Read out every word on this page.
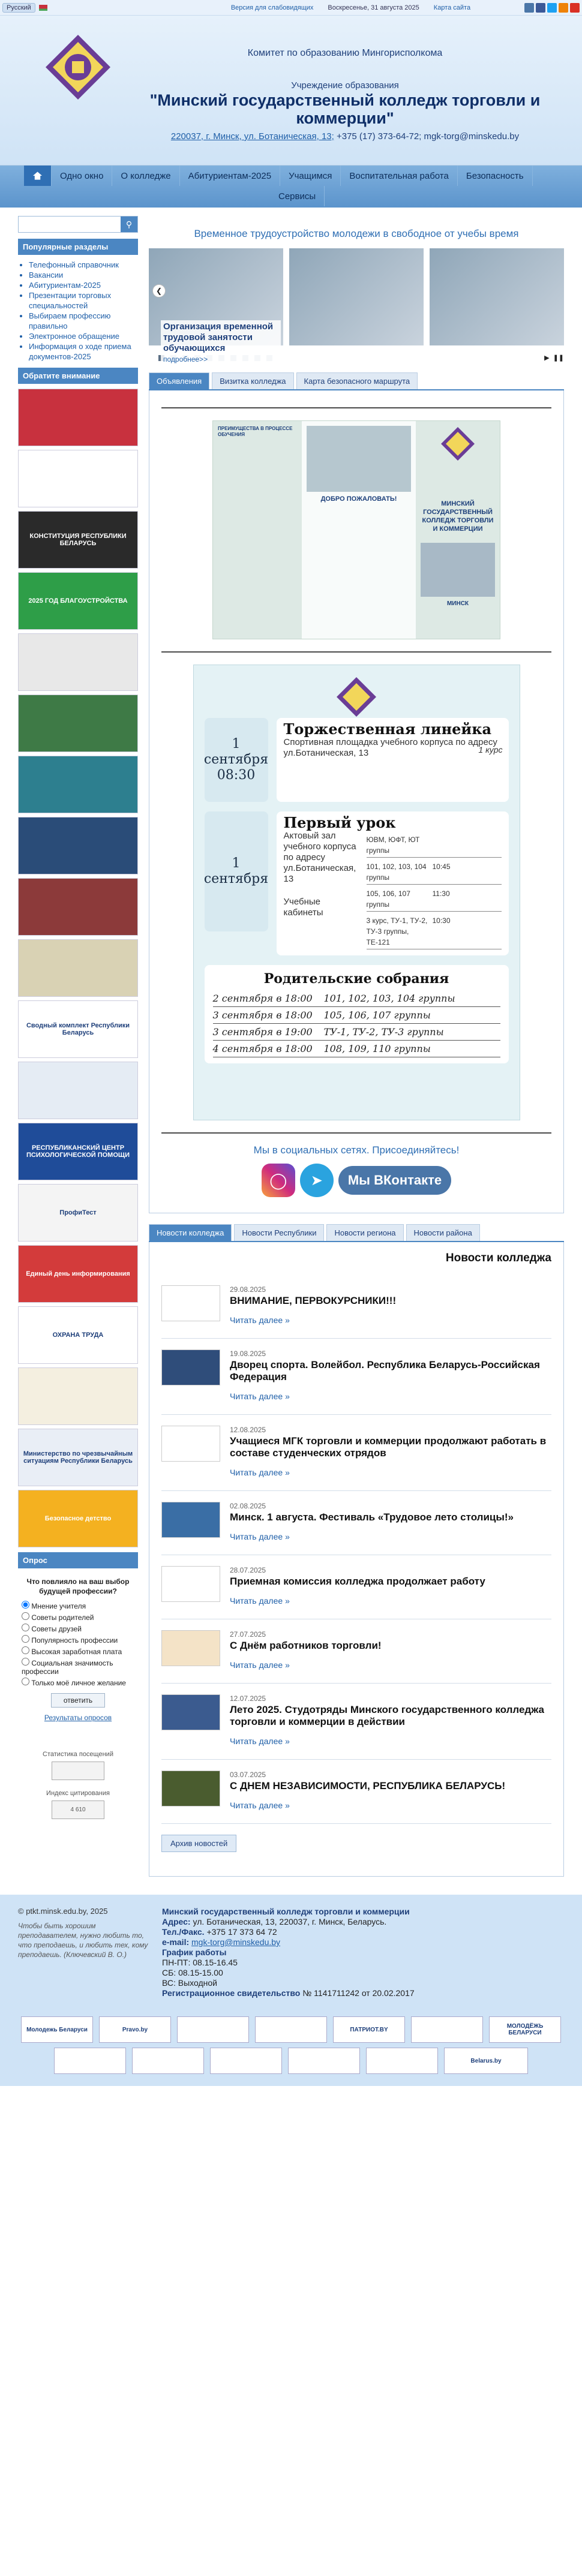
Русский	Версия для слабовидящих Воскресенье, 31 августа 2025 Карта сайта
Комитет по образованию Мингорисполкома
Учреждение образования
"Минский государственный колледж торговли и коммерции"
220037, г. Минск, ул. Ботаническая, 13; +375 (17) 373-64-72; mgk-torg@minskedu.by
Одно окно	О колледже	Абитуриентам-2025	Учащимся	Воспитательная работа	Безопасность
Сервисы
⚲
Популярные разделы
• Телефонный справочник
• Вакансии
• Абитуриентам-2025
• Презентации торговых специальностей
• Выбираем профессию правильно
• Электронное обращение
• Информация о ходе приема документов-2025
Обратите внимание
КОНСТИТУЦИЯ РЕСПУБЛИКИ БЕЛАРУСЬ
2025 ГОД БЛАГОУСТРОЙСТВА
Сводный комплект Республики Беларусь
РЕСПУБЛИКАНСКИЙ ЦЕНТР ПСИХОЛОГИЧЕСКОЙ ПОМОЩИ
ПрофиТест
Единый день информирования
ОХРАНА ТРУДА
Министерство по чрезвычайным ситуациям Республики Беларусь
Безопасное детство
Опрос
Что повлияло на ваш выбор будущей профессии?
Мнение учителя
Советы родителей
Советы друзей
Популярность профессии
Высокая заработная плата
Социальная значимость профессии
Только моё личное желание
ответить
Результаты опросов
Статистика посещений
Индекс цитирования
4 610
Временное трудоустройство молодежи в свободное от учебы время
Организация временной трудовой занятости обучающихся
подробнее>>
❮
▶ ❚❚
Объявления	Визитка колледжа	Карта безопасного маршрута
ПРЕИМУЩЕСТВА В ПРОЦЕССЕ ОБУЧЕНИЯ
ДОБРО ПОЖАЛОВАТЬ!
МИНСКИЙ ГОСУДАРСТВЕННЫЙ КОЛЛЕДЖ ТОРГОВЛИ И КОММЕРЦИИ
МИНСК
1 сентября 08:30
Торжественная линейка
Спортивная площадка учебного корпуса по адресу ул.Ботаническая, 13	1 курс
1 сентября
Первый урок
Актовый зал учебного корпуса по адресу ул.Ботаническая, 13
Учебные кабинеты
ЮВМ, ЮФТ, ЮТ группы
101, 102, 103, 104 группы
10:45
105, 106, 107 группы
11:30
3 курс, ТУ-1, ТУ-2, ТУ-3 группы, ТЕ-121
10:30
Родительские собрания
2 сентября в 18:00	101, 102, 103, 104 группы
3 сентября в 18:00	105, 106, 107 группы
3 сентября в 19:00	ТУ-1, ТУ-2, ТУ-3 группы
4 сентября в 18:00	108, 109, 110 группы
Мы в социальных сетях. Присоединяйтесь!
◯	➤	Мы ВКонтакте
Новости колледжа	Новости Республики	Новости региона	Новости района
Новости колледжа
29.08.2025
ВНИМАНИЕ, ПЕРВОКУРСНИКИ!!!
Читать далее »
19.08.2025
Дворец спорта. Волейбол. Республика Беларусь-Российская Федерация
Читать далее »
12.08.2025
Учащиеся МГК торговли и коммерции продолжают работать в составе студенческих отрядов
Читать далее »
02.08.2025
Минск. 1 августа. Фестиваль «Трудовое лето столицы!»
Читать далее »
28.07.2025
Приемная комиссия колледжа продолжает работу
Читать далее »
27.07.2025
С Днём работников торговли!
Читать далее »
12.07.2025
Лето 2025. Студотряды Минского государственного колледжа торговли и коммерции в действии
Читать далее »
03.07.2025
С ДНЕМ НЕЗАВИСИМОСТИ, РЕСПУБЛИКА БЕЛАРУСЬ!
Читать далее »
Архив новостей

© ptkt.minsk.edu.by, 2025

Чтобы быть хорошим преподавателем, нужно любить то, что преподаешь, и любить тех, кому преподаешь. (Ключевский В. О.)
Минский государственный колледж торговли и коммерции
Адрес: ул. Ботаническая, 13, 220037, г. Минск, Беларусь.
Тел./Факс. +375 17 373 64 72
e-mail: mgk-torg@minskedu.by
График работы
ПН-ПТ: 08.15-16.45
СБ: 08.15-15.00
ВС: Выходной
Регистрационное свидетельство № 1141711242 от 20.02.2017
Молодежь Беларуси	Pravo.by	ПАТРИОТ.BY	МОЛОДЁЖЬ БЕЛАРУСИ
Belarus.by
